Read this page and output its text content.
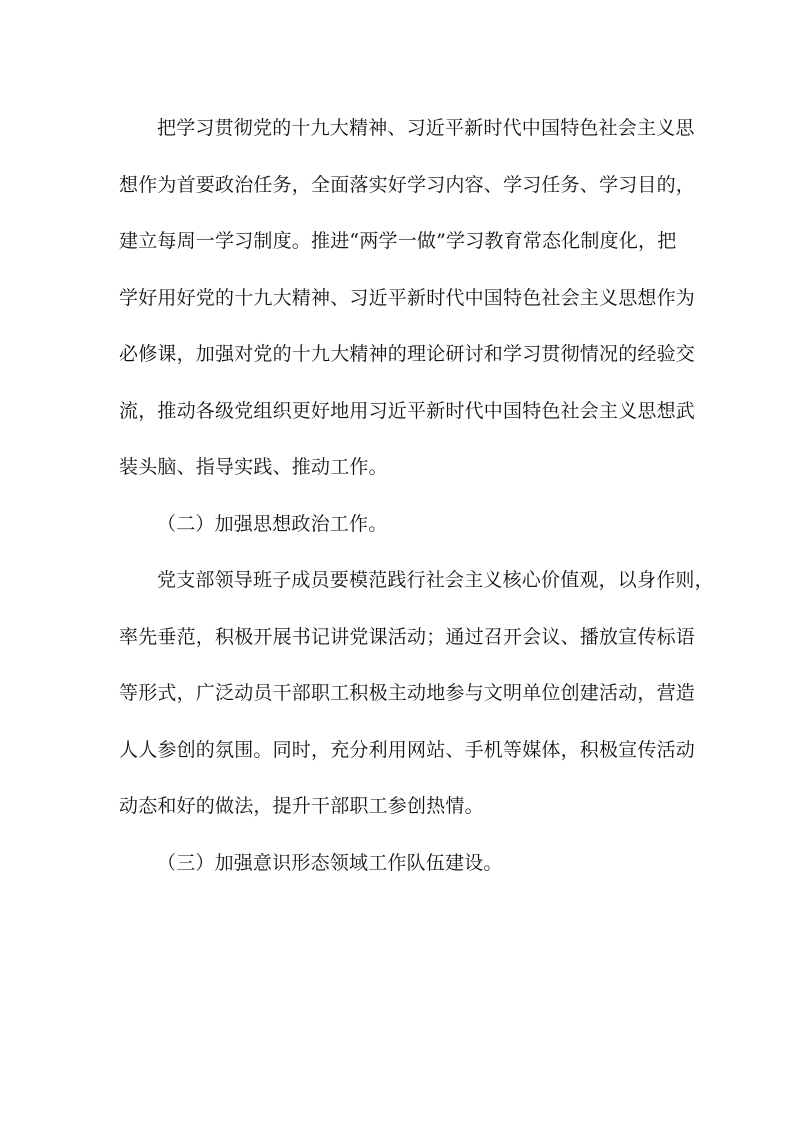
把学习贯彻党的十九大精神、习近平新时代中国特色社会主义思
想作为首要政治任务，全面落实好学习内容、学习任务、学习目的，
建立每周一学习制度。推进“两学一做”学习教育常态化制度化，把
学好用好党的十九大精神、习近平新时代中国特色社会主义思想作为
必修课，加强对党的十九大精神的理论研讨和学习贯彻情况的经验交
流，推动各级党组织更好地用习近平新时代中国特色社会主义思想武
装头脑、指导实践、推动工作。
（二）加强思想政治工作。
党支部领导班子成员要模范践行社会主义核心价值观，以身作则，
率先垂范，积极开展书记讲党课活动；通过召开会议、播放宣传标语
等形式，广泛动员干部职工积极主动地参与文明单位创建活动，营造
人人参创的氛围。同时，充分利用网站、手机等媒体，积极宣传活动
动态和好的做法，提升干部职工参创热情。
（三）加强意识形态领域工作队伍建设。
